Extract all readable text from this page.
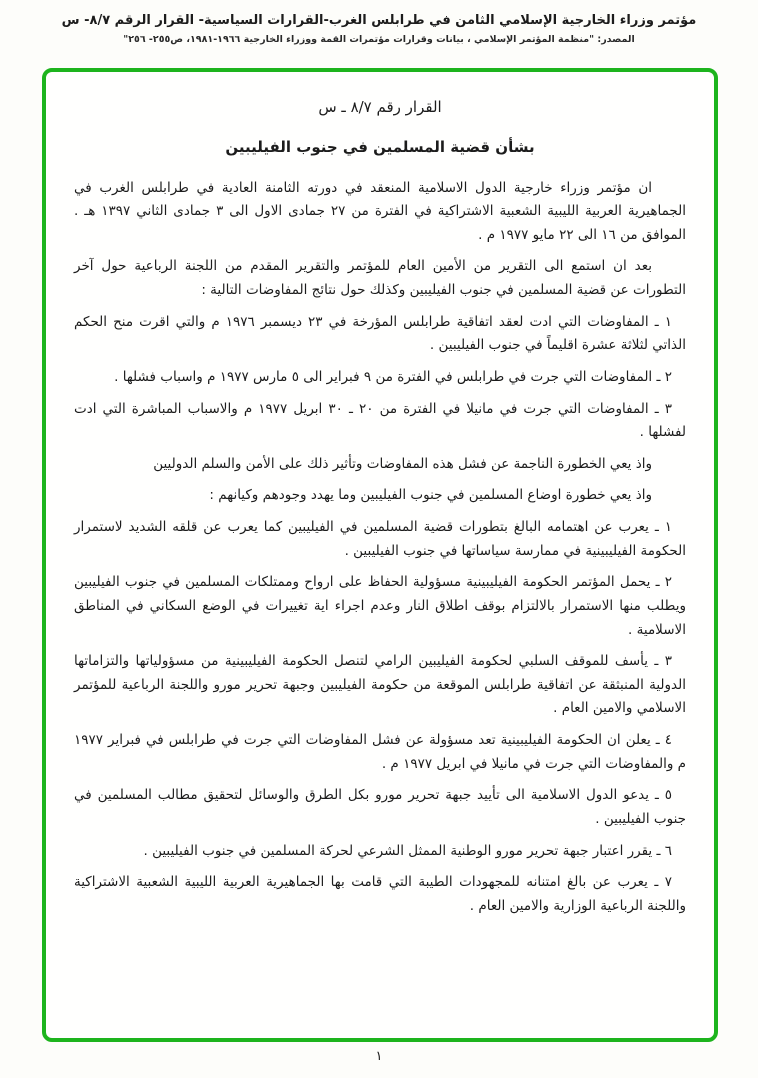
مؤتمر وزراء الخارجية الإسلامي الثامن في طرابلس الغرب-القرارات السياسية- القرار الرقم ٨/٧- س
المصدر: "منظمة المؤتمر الإسلامي ، بيانات وقرارات مؤتمرات القمة ووزراء الخارجية ١٩٦٦-١٩٨١، ص٢٥٥- ٢٥٦"
القرار رقم ٨/٧ ـ س
بشأن قضية المسلمين في جنوب الفيليبين

ان مؤتمر وزراء خارجية الدول الاسلامية المنعقد في دورته الثامنة العادية في طرابلس الغرب في الجماهيرية العربية الليبية الشعبية الاشتراكية في الفترة من ٢٧ جمادى الاول الى ٣ جمادى الثاني ١٣٩٧ هـ . الموافق من ١٦ الى ٢٢ مايو ١٩٧٧ م .

بعد ان استمع الى التقرير من الأمين العام للمؤتمر والتقرير المقدم من اللجنة الرباعية حول آخر التطورات عن قضية المسلمين في جنوب الفيليبين وكذلك حول نتائج المفاوضات التالية :

١ ـ المفاوضات التي ادت لعقد اتفاقية طرابلس المؤرخة في ٢٣ ديسمبر ١٩٧٦ م والتي اقرت منح الحكم الذاتي لثلاثة عشرة اقليماً في جنوب الفيليبين .

٢ ـ المفاوضات التي جرت في طرابلس في الفترة من ٩ فبراير الى ٥ مارس ١٩٧٧ م واسباب فشلها .

٣ ـ المفاوضات التي جرت في مانيلا في الفترة من ٢٠ ـ ٣٠ ابريل ١٩٧٧ م والاسباب المباشرة التي ادت لفشلها .

واذ يعي الخطورة الناجمة عن فشل هذه المفاوضات وتأثير ذلك على الأمن والسلم الدوليين

واذ يعي خطورة اوضاع المسلمين في جنوب الفيليبين وما يهدد وجودهم وكيانهم :

١ ـ يعرب عن اهتمامه البالغ بتطورات قضية المسلمين في الفيليبين كما يعرب عن قلقه الشديد لاستمرار الحكومة الفيليبينية في ممارسة سياساتها في جنوب الفيليبين .

٢ ـ يحمل المؤتمر الحكومة الفيليبينية مسؤولية الحفاظ على ارواح وممتلكات المسلمين في جنوب الفيليبين ويطلب منها الاستمرار بالالتزام بوقف اطلاق النار وعدم اجراء اية تغييرات في الوضع السكاني في المناطق الاسلامية .

٣ ـ يأسف للموقف السلبي لحكومة الفيليبين الرامي لتنصل الحكومة الفيليبينية من مسؤولياتها والتزاماتها الدولية المنبثقة عن اتفاقية طرابلس الموقعة من حكومة الفيليبين وجبهة تحرير مورو واللجنة الرباعية للمؤتمر الاسلامي والامين العام .

٤ ـ يعلن ان الحكومة الفيليبينية تعد مسؤولة عن فشل المفاوضات التي جرت في طرابلس في فبراير ١٩٧٧ م والمفاوضات التي جرت في مانيلا في ابريل ١٩٧٧ م .

٥ ـ يدعو الدول الاسلامية الى تأييد جبهة تحرير مورو بكل الطرق والوسائل لتحقيق مطالب المسلمين في جنوب الفيليبين .

٦ ـ يقرر اعتبار جبهة تحرير مورو الوطنية الممثل الشرعي لحركة المسلمين في جنوب الفيليبين .

٧ ـ يعرب عن بالغ امتنانه للمجهودات الطيبة التي قامت بها الجماهيرية العربية الليبية الشعبية الاشتراكية واللجنة الرباعية الوزارية والامين العام .

١
